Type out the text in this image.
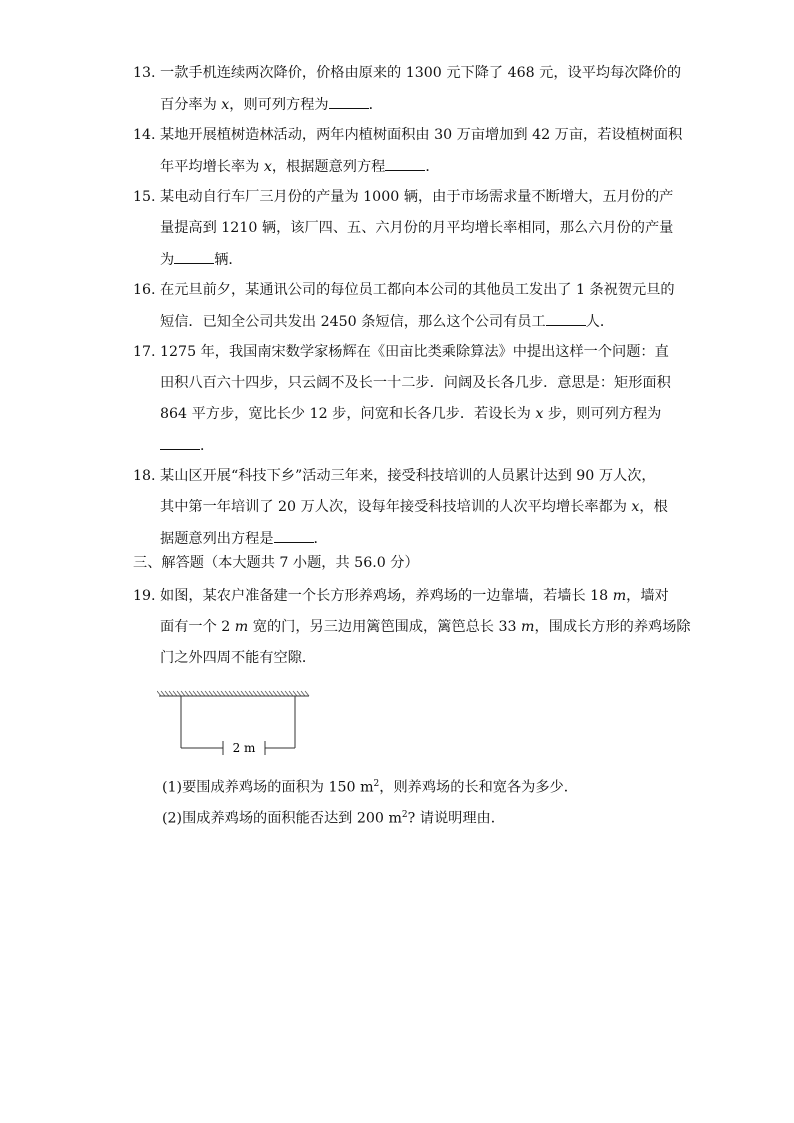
13. 一款手机连续两次降价，价格由原来的 1300 元下降了 468 元，设平均每次降价的
百分率为 x，则可列方程为	．
14. 某地开展植树造林活动，两年内植树面积由 30 万亩增加到 42 万亩，若设植树面积
年平均增长率为 x，根据题意列方程	．
15. 某电动自行车厂三月份的产量为 1000 辆，由于市场需求量不断增大，五月份的产
量提高到 1210 辆，该厂四、五、六月份的月平均增长率相同，那么六月份的产量
为	辆．
16. 在元旦前夕，某通讯公司的每位员工都向本公司的其他员工发出了 1 条祝贺元旦的
短信．已知全公司共发出 2450 条短信，那么这个公司有员工	人．
17. 1275 年，我国南宋数学家杨辉在《田亩比类乘除算法》中提出这样一个问题：直
田积八百六十四步，只云阔不及长一十二步．问阔及长各几步．意思是：矩形面积
864 平方步，宽比长少 12 步，问宽和长各几步．若设长为 x 步，则可列方程为
．
18. 某山区开展“科技下乡”活动三年来，接受科技培训的人员累计达到 90 万人次，
其中第一年培训了 20 万人次，设每年接受科技培训的人次平均增长率都为 x，根
据题意列出方程是	．
三、解答题（本大题共 7 小题，共 56.0 分）
19. 如图，某农户准备建一个长方形养鸡场，养鸡场的一边靠墙，若墙长 18 m，墙对
面有一个 2 m 宽的门，另三边用篱笆围成，篱笆总长 33 m，围成长方形的养鸡场除
门之外四周不能有空隙．
(1)要围成养鸡场的面积为 150 $m^2$，则养鸡场的长和宽各为多少．
(2)围成养鸡场的面积能否达到 200 $m^2$? 请说明理由．
2 m
